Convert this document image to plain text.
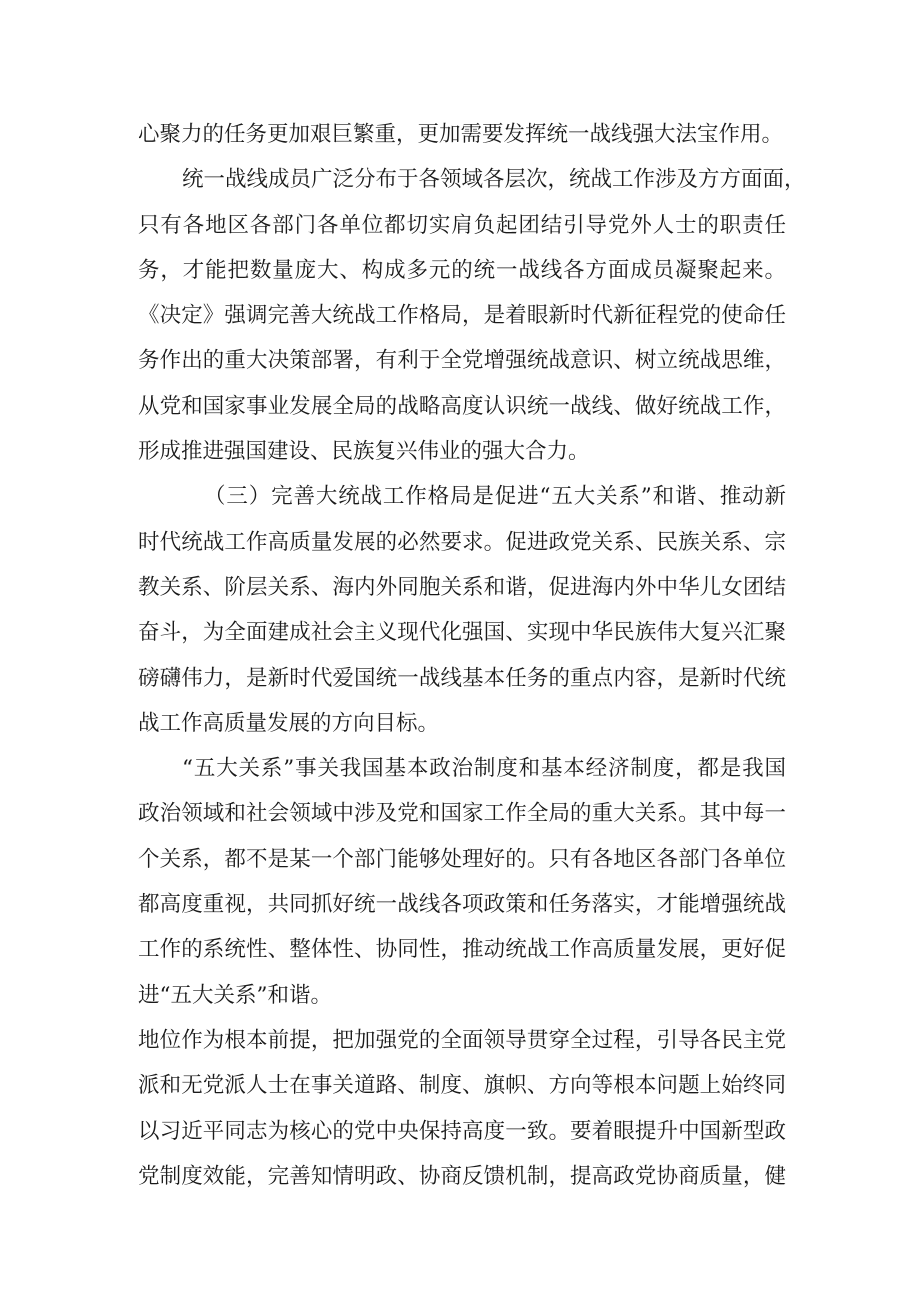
心聚力的任务更加艰巨繁重，更加需要发挥统一战线强大法宝作用。
统一战线成员广泛分布于各领域各层次，统战工作涉及方方面面，
只有各地区各部门各单位都切实肩负起团结引导党外人士的职责任
务，才能把数量庞大、构成多元的统一战线各方面成员凝聚起来。
《决定》强调完善大统战工作格局，是着眼新时代新征程党的使命任
务作出的重大决策部署，有利于全党增强统战意识、树立统战思维，
从党和国家事业发展全局的战略高度认识统一战线、做好统战工作，
形成推进强国建设、民族复兴伟业的强大合力。
（三）完善大统战工作格局是促进“五大关系”和谐、推动新
时代统战工作高质量发展的必然要求。促进政党关系、民族关系、宗
教关系、阶层关系、海内外同胞关系和谐，促进海内外中华儿女团结
奋斗，为全面建成社会主义现代化强国、实现中华民族伟大复兴汇聚
磅礴伟力，是新时代爱国统一战线基本任务的重点内容，是新时代统
战工作高质量发展的方向目标。
“五大关系”事关我国基本政治制度和基本经济制度，都是我国
政治领域和社会领域中涉及党和国家工作全局的重大关系。其中每一
个关系，都不是某一个部门能够处理好的。只有各地区各部门各单位
都高度重视，共同抓好统一战线各项政策和任务落实，才能增强统战
工作的系统性、整体性、协同性，推动统战工作高质量发展，更好促
进“五大关系”和谐。
地位作为根本前提，把加强党的全面领导贯穿全过程，引导各民主党
派和无党派人士在事关道路、制度、旗帜、方向等根本问题上始终同
以习近平同志为核心的党中央保持高度一致。要着眼提升中国新型政
党制度效能，完善知情明政、协商反馈机制，提高政党协商质量，健
